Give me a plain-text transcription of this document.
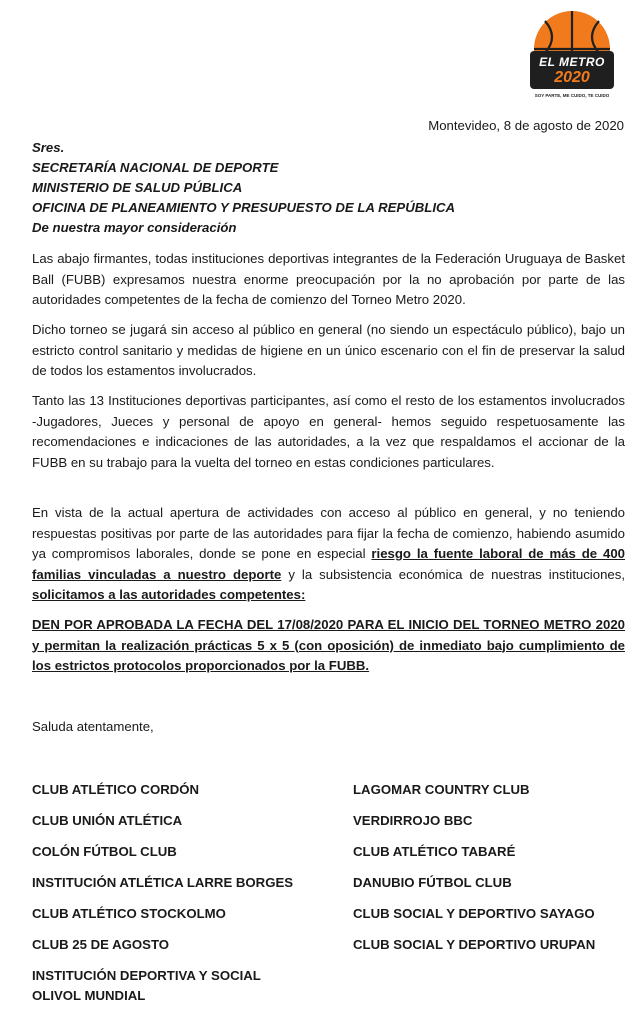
EL METRO
2020
SOY PARTE, ME CUIDO, TE CUIDO
Montevideo, 8 de agosto de 2020
Sres.
SECRETARÍA NACIONAL DE DEPORTE
MINISTERIO DE SALUD PÚBLICA
OFICINA DE PLANEAMIENTO Y PRESUPUESTO DE LA REPÚBLICA
De nuestra mayor consideración

Las abajo firmantes, todas instituciones deportivas integrantes de la Federación Uruguaya de Basket Ball (FUBB) expresamos nuestra enorme preocupación por la no aprobación por parte de las autoridades competentes de la fecha de comienzo del Torneo Metro 2020.

Dicho torneo se jugará sin acceso al público en general (no siendo un espectáculo público), bajo un estricto control sanitario y medidas de higiene en un único escenario con el fin de preservar la salud de todos los estamentos involucrados.

Tanto las 13 Instituciones deportivas participantes, así como el resto de los estamentos involucrados -Jugadores, Jueces y personal de apoyo en general- hemos seguido respetuosamente las recomendaciones e indicaciones de las autoridades, a la vez que respaldamos el accionar de la FUBB en su trabajo para la vuelta del torneo en estas condiciones particulares.

En vista de la actual apertura de actividades con acceso al público en general, y no teniendo respuestas positivas por parte de las autoridades para fijar la fecha de comienzo, habiendo asumido ya compromisos laborales, donde se pone en especial riesgo la fuente laboral de más de 400 familias vinculadas a nuestro deporte y la subsistencia económica de nuestras instituciones, solicitamos a las autoridades competentes:

DEN POR APROBADA LA FECHA DEL 17/08/2020 PARA EL INICIO DEL TORNEO METRO 2020 y permitan la realización prácticas 5 x 5 (con oposición) de inmediato bajo cumplimiento de los estrictos protocolos proporcionados por la FUBB.

Saluda atentamente,
CLUB ATLÉTICO CORDÓN
CLUB UNIÓN ATLÉTICA
COLÓN FÚTBOL CLUB
INSTITUCIÓN ATLÉTICA LARRE BORGES
CLUB ATLÉTICO STOCKOLMO
CLUB 25 DE AGOSTO
INSTITUCIÓN DEPORTIVA Y SOCIAL
OLIVOL MUNDIAL
LAGOMAR COUNTRY CLUB
VERDIRROJO BBC
CLUB ATLÉTICO TABARÉ
DANUBIO FÚTBOL CLUB
CLUB SOCIAL Y DEPORTIVO SAYAGO
CLUB SOCIAL Y DEPORTIVO URUPAN
